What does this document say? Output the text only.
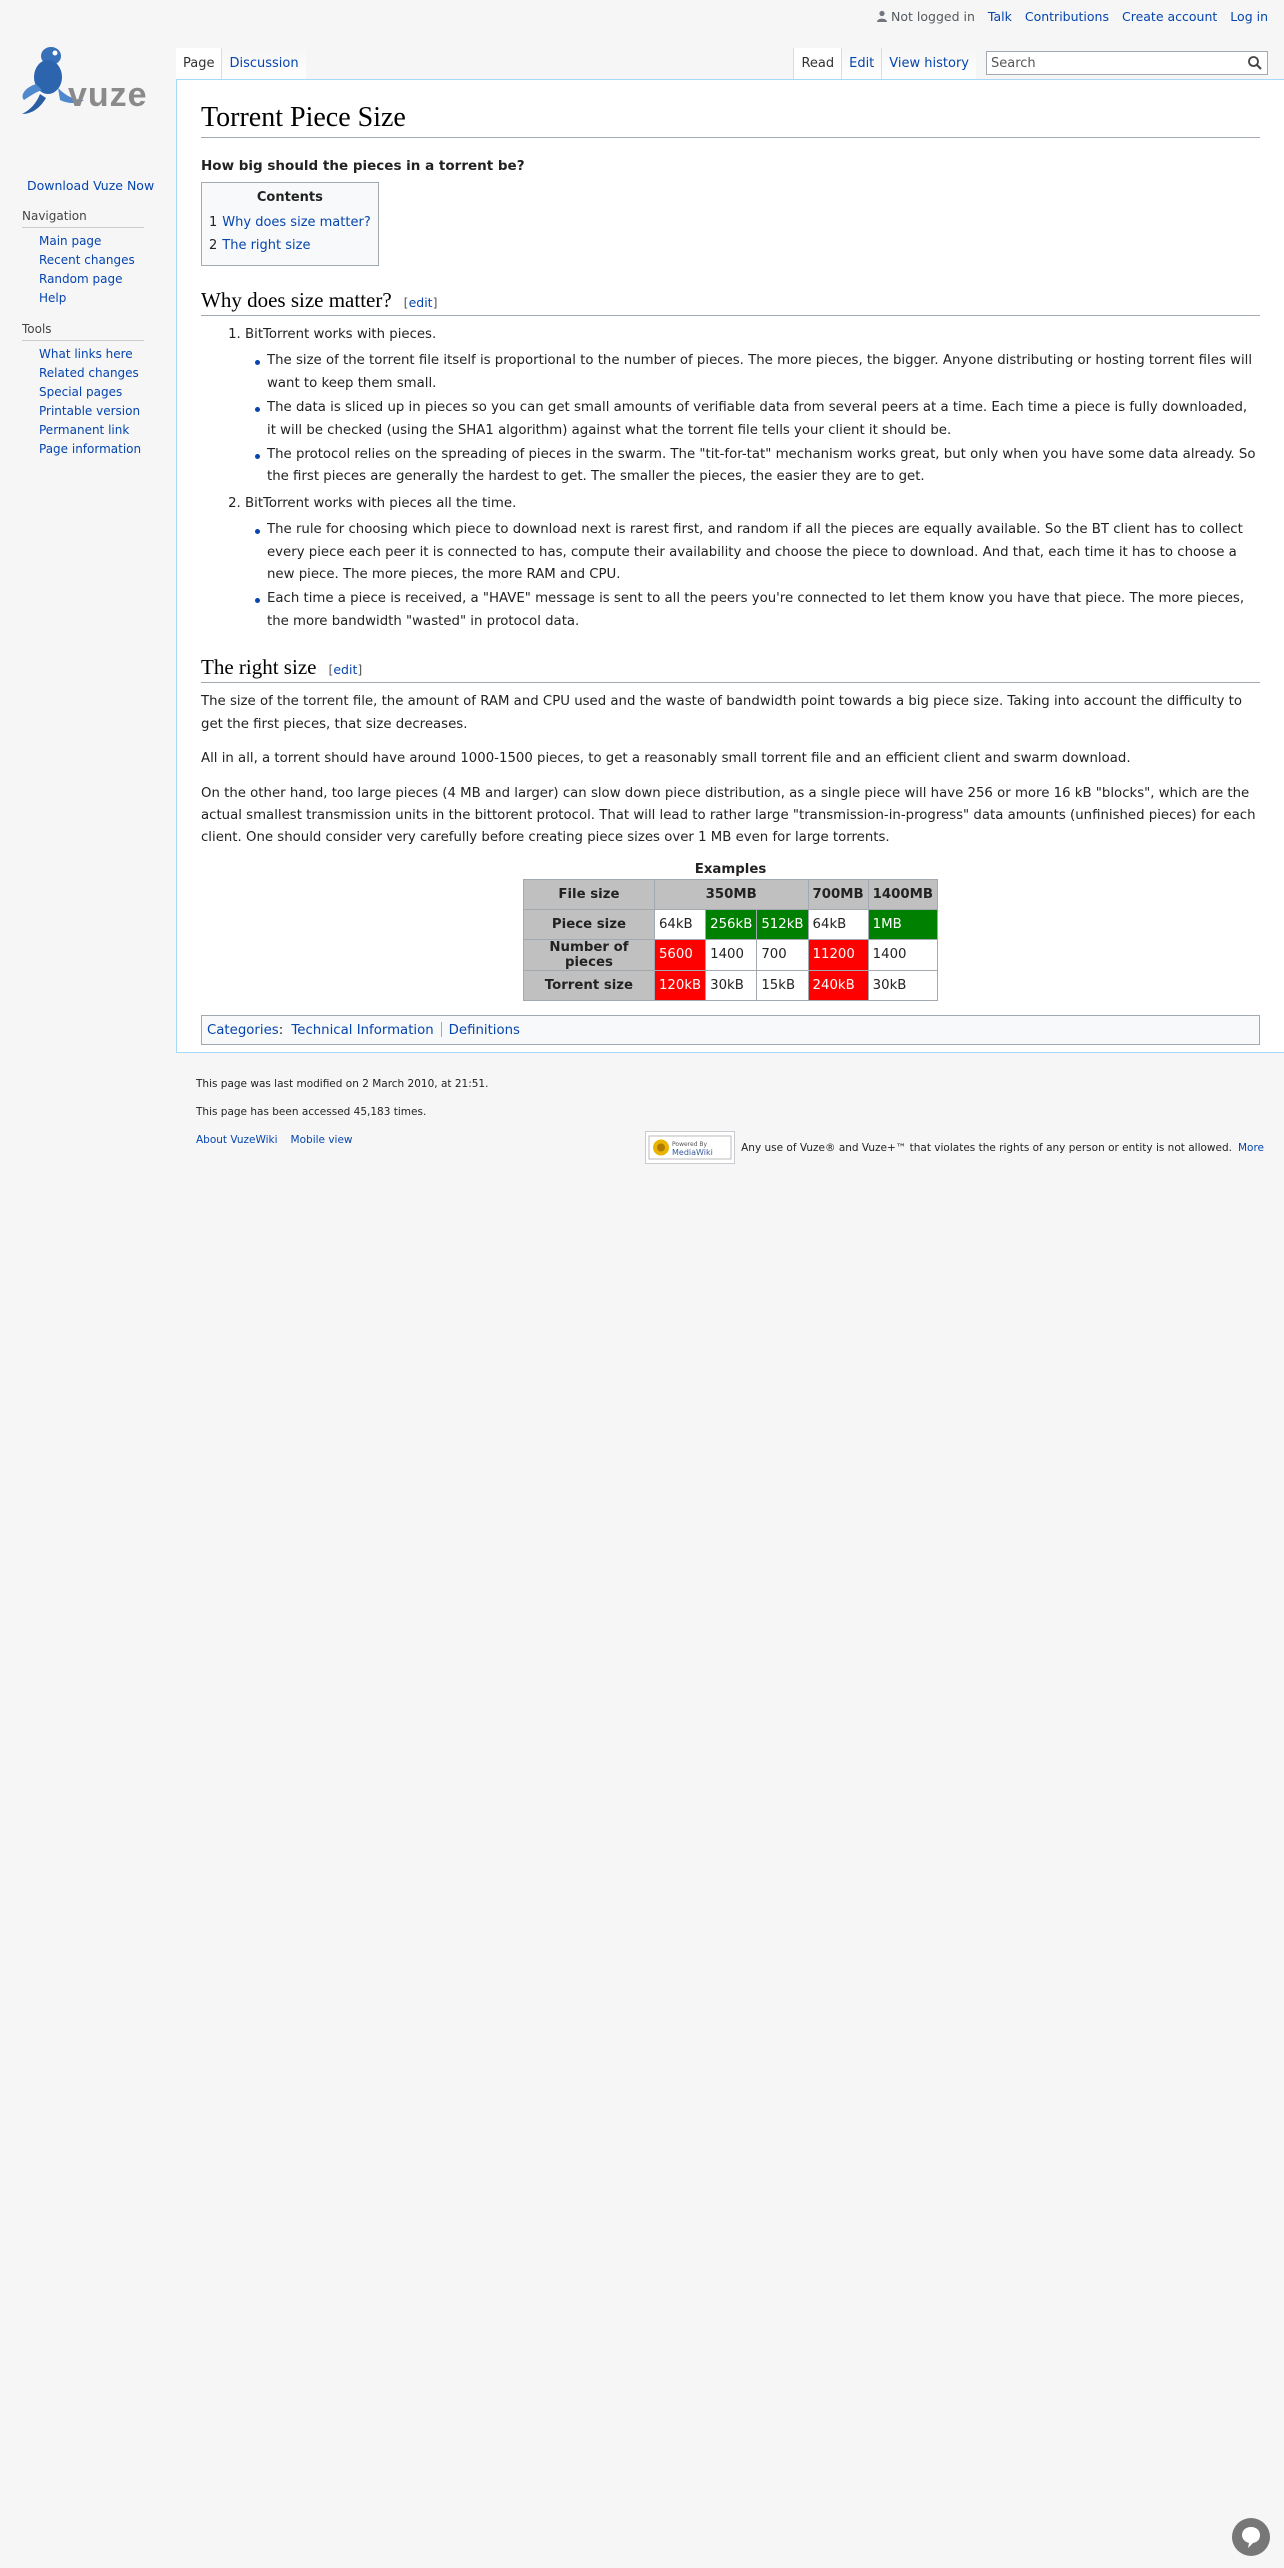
Not logged in Talk Contributions Create account Log in
vuze
Download Vuze Now
Navigation
Main page
Recent changes
Random page
Help
Tools
What links here
Related changes
Special pages
Printable version
Permanent link
Page information
Page Discussion	Read Edit View history
Search
Torrent Piece Size
How big should the pieces in a torrent be?
Contents
1 Why does size matter?
2 The right size
Why does size matter? [edit]
1. BitTorrent works with pieces.
The size of the torrent file itself is proportional to the number of pieces. The more pieces, the bigger. Anyone distributing or hosting torrent files will want to keep them small.
The data is sliced up in pieces so you can get small amounts of verifiable data from several peers at a time. Each time a piece is fully downloaded, it will be checked (using the SHA1 algorithm) against what the torrent file tells your client it should be.
The protocol relies on the spreading of pieces in the swarm. The "tit-for-tat" mechanism works great, but only when you have some data already. So the first pieces are generally the hardest to get. The smaller the pieces, the easier they are to get.
2. BitTorrent works with pieces all the time.
The rule for choosing which piece to download next is rarest first, and random if all the pieces are equally available. So the BT client has to collect every piece each peer it is connected to has, compute their availability and choose the piece to download. And that, each time it has to choose a new piece. The more pieces, the more RAM and CPU.
Each time a piece is received, a "HAVE" message is sent to all the peers you're connected to let them know you have that piece. The more pieces, the more bandwidth "wasted" in protocol data.
The right size [edit]

The size of the torrent file, the amount of RAM and CPU used and the waste of bandwidth point towards a big piece size. Taking into account the difficulty to get the first pieces, that size decreases.

All in all, a torrent should have around 1000-1500 pieces, to get a reasonably small torrent file and an efficient client and swarm download.

On the other hand, too large pieces (4 MB and larger) can slow down piece distribution, as a single piece will have 256 or more 16 kB "blocks", which are the actual smallest transmission units in the bittorent protocol. That will lead to rather large "transmission-in-progress" data amounts (unfinished pieces) for each client. One should consider very carefully before creating piece sizes over 1 MB even for large torrents.

Examples
File size	350MB			700MB	1400MB
Piece size	64kB	256kB	512kB	64kB	1MB
Number of pieces	5600	1400	700	11200	1400
Torrent size	120kB	30kB	15kB	240kB	30kB
Categories: Technical Information Definitions
This page was last modified on 2 March 2010, at 21:51.
This page has been accessed 45,183 times.
About VuzeWiki Mobile view	Powered By
MediaWiki	Any use of Vuze® and Vuze+™ that violates the rights of any person or entity is not allowed. More
